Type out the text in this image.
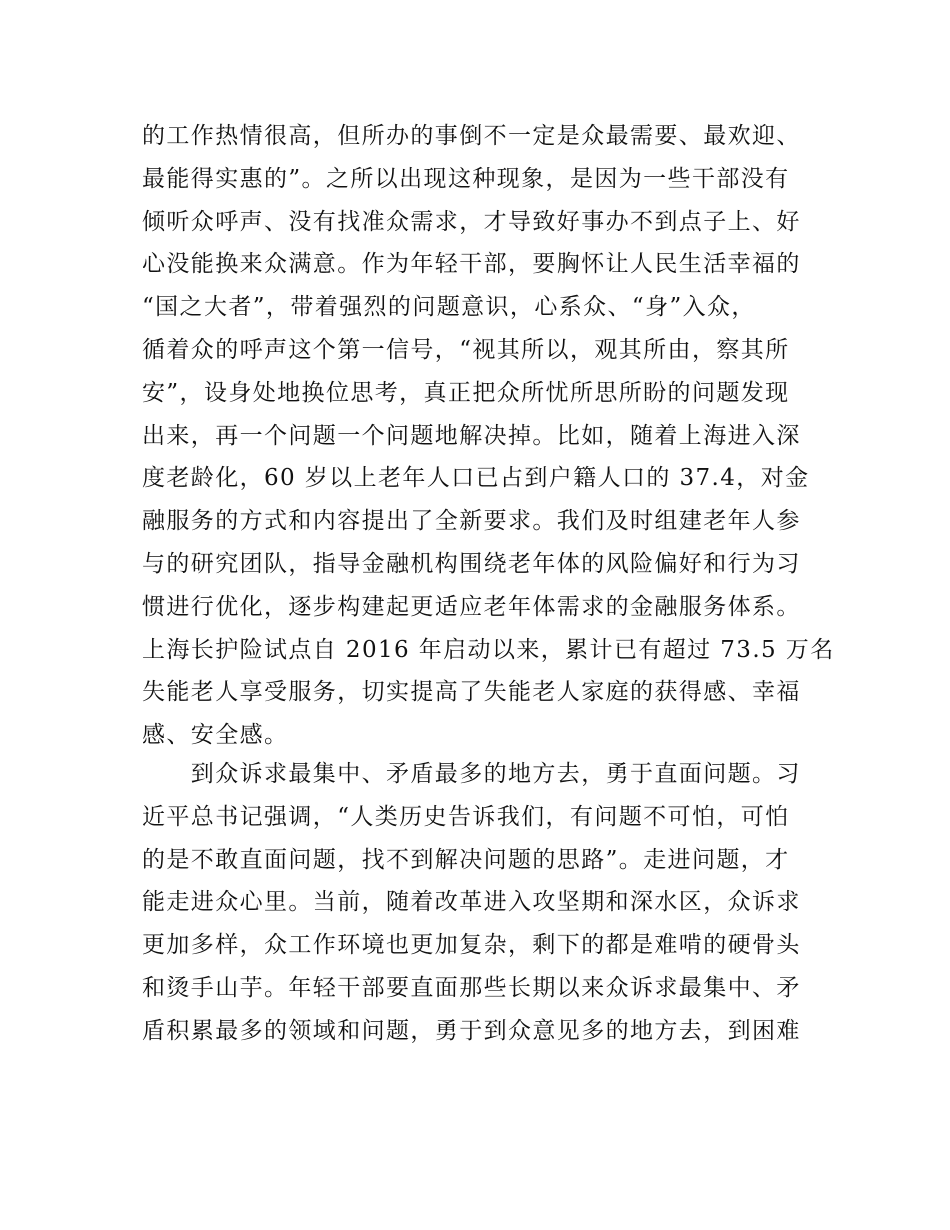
的工作热情很高，但所办的事倒不一定是众最需要、最欢迎、
最能得实惠的”。之所以出现这种现象，是因为一些干部没有
倾听众呼声、没有找准众需求，才导致好事办不到点子上、好
心没能换来众满意。作为年轻干部，要胸怀让人民生活幸福的
“国之大者”，带着强烈的问题意识，心系众、“身”入众，
循着众的呼声这个第一信号，“视其所以，观其所由，察其所
安”，设身处地换位思考，真正把众所忧所思所盼的问题发现
出来，再一个问题一个问题地解决掉。比如，随着上海进入深
度老龄化，60 岁以上老年人口已占到户籍人口的 37.4，对金
融服务的方式和内容提出了全新要求。我们及时组建老年人参
与的研究团队，指导金融机构围绕老年体的风险偏好和行为习
惯进行优化，逐步构建起更适应老年体需求的金融服务体系。
上海长护险试点自 2016 年启动以来，累计已有超过 73.5 万名
失能老人享受服务，切实提高了失能老人家庭的获得感、幸福
感、安全感。
　　到众诉求最集中、矛盾最多的地方去，勇于直面问题。习
近平总书记强调，“人类历史告诉我们，有问题不可怕，可怕
的是不敢直面问题，找不到解决问题的思路”。走进问题，才
能走进众心里。当前，随着改革进入攻坚期和深水区，众诉求
更加多样，众工作环境也更加复杂，剩下的都是难啃的硬骨头
和烫手山芋。年轻干部要直面那些长期以来众诉求最集中、矛
盾积累最多的领域和问题，勇于到众意见多的地方去，到困难
